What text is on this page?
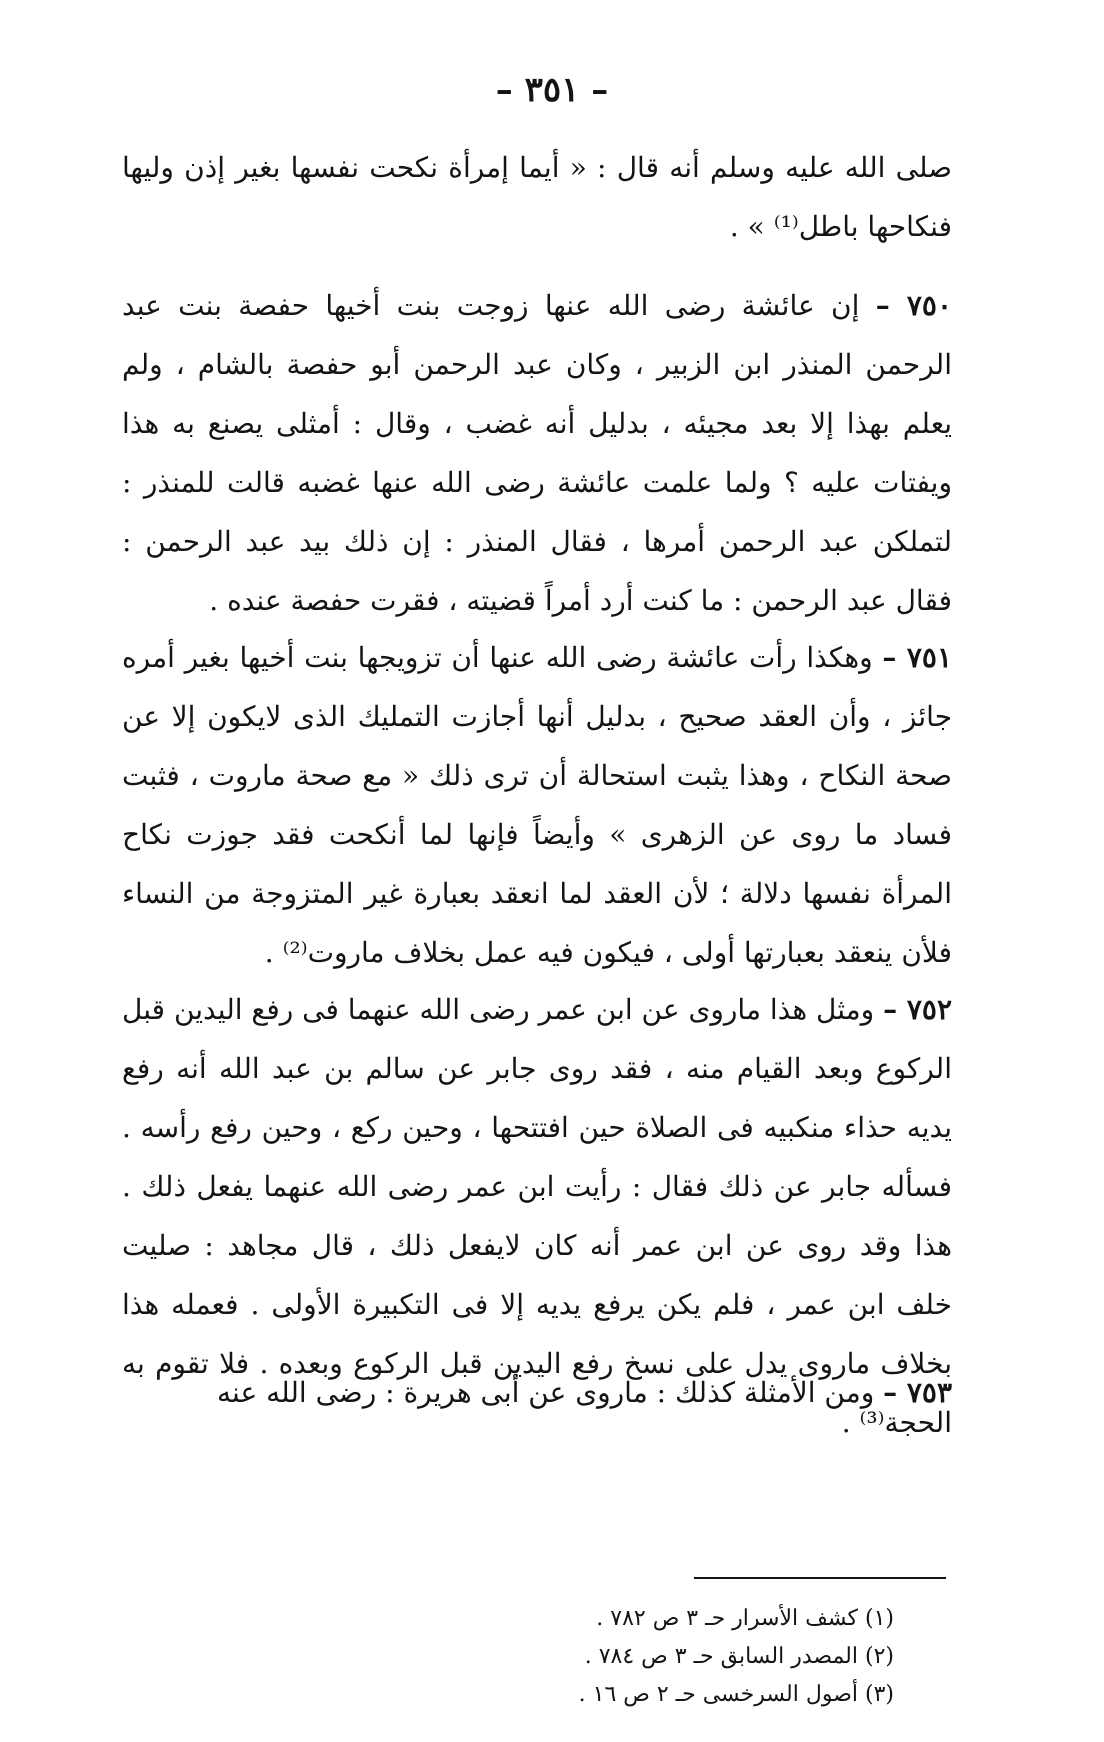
– ٣٥١ –
صلى الله عليه وسلم أنه قال : « أيما إمرأة نكحت نفسها بغير إذن وليها فنكاحها باطل⁽¹⁾ » .
٧٥٠ – إن عائشة رضى الله عنها زوجت بنت أخيها حفصة بنت عبد الرحمن المنذر ابن الزبير ، وكان عبد الرحمن أبو حفصة بالشام ، ولم يعلم بهذا إلا بعد مجيئه ، بدليل أنه غضب ، وقال : أمثلى يصنع به هذا ويفتات عليه ؟ ولما علمت عائشة رضى الله عنها غضبه قالت للمنذر : لتملكن عبد الرحمن أمرها ، فقال المنذر : إن ذلك بيد عبد الرحمن : فقال عبد الرحمن : ما كنت أرد أمراً قضيته ، فقرت حفصة عنده .
٧٥١ – وهكذا رأت عائشة رضى الله عنها أن تزويجها بنت أخيها بغير أمره جائز ، وأن العقد صحيح ، بدليل أنها أجازت التمليك الذى لايكون إلا عن صحة النكاح ، وهذا يثبت استحالة أن ترى ذلك « مع صحة ماروت ، فثبت فساد ما روى عن الزهرى » وأيضاً فإنها لما أنكحت فقد جوزت نكاح المرأة نفسها دلالة ؛ لأن العقد لما انعقد بعبارة غير المتزوجة من النساء فلأن ينعقد بعبارتها أولى ، فيكون فيه عمل بخلاف ماروت⁽²⁾ .
٧٥٢ – ومثل هذا ماروى عن ابن عمر رضى الله عنهما فى رفع اليدين قبل الركوع وبعد القيام منه ، فقد روى جابر عن سالم بن عبد الله أنه رفع يديه حذاء منكبيه فى الصلاة حين افتتحها ، وحين ركع ، وحين رفع رأسه . فسأله جابر عن ذلك فقال : رأيت ابن عمر رضى الله عنهما يفعل ذلك . هذا وقد روى عن ابن عمر أنه كان لايفعل ذلك ، قال مجاهد : صليت خلف ابن عمر ، فلم يكن يرفع يديه إلا فى التكبيرة الأولى . فعمله هذا بخلاف ماروى يدل على نسخ رفع اليدين قبل الركوع وبعده . فلا تقوم به الحجة⁽³⁾ .
٧٥٣ – ومن الأمثلة كذلك : ماروى عن أبى هريرة : رضى الله عنه
(١) كشف الأسرار حـ ٣ ص ٧٨٢ .
(٢) المصدر السابق حـ ٣ ص ٧٨٤ .
(٣) أصول السرخسى حـ ٢ ص ١٦ .
